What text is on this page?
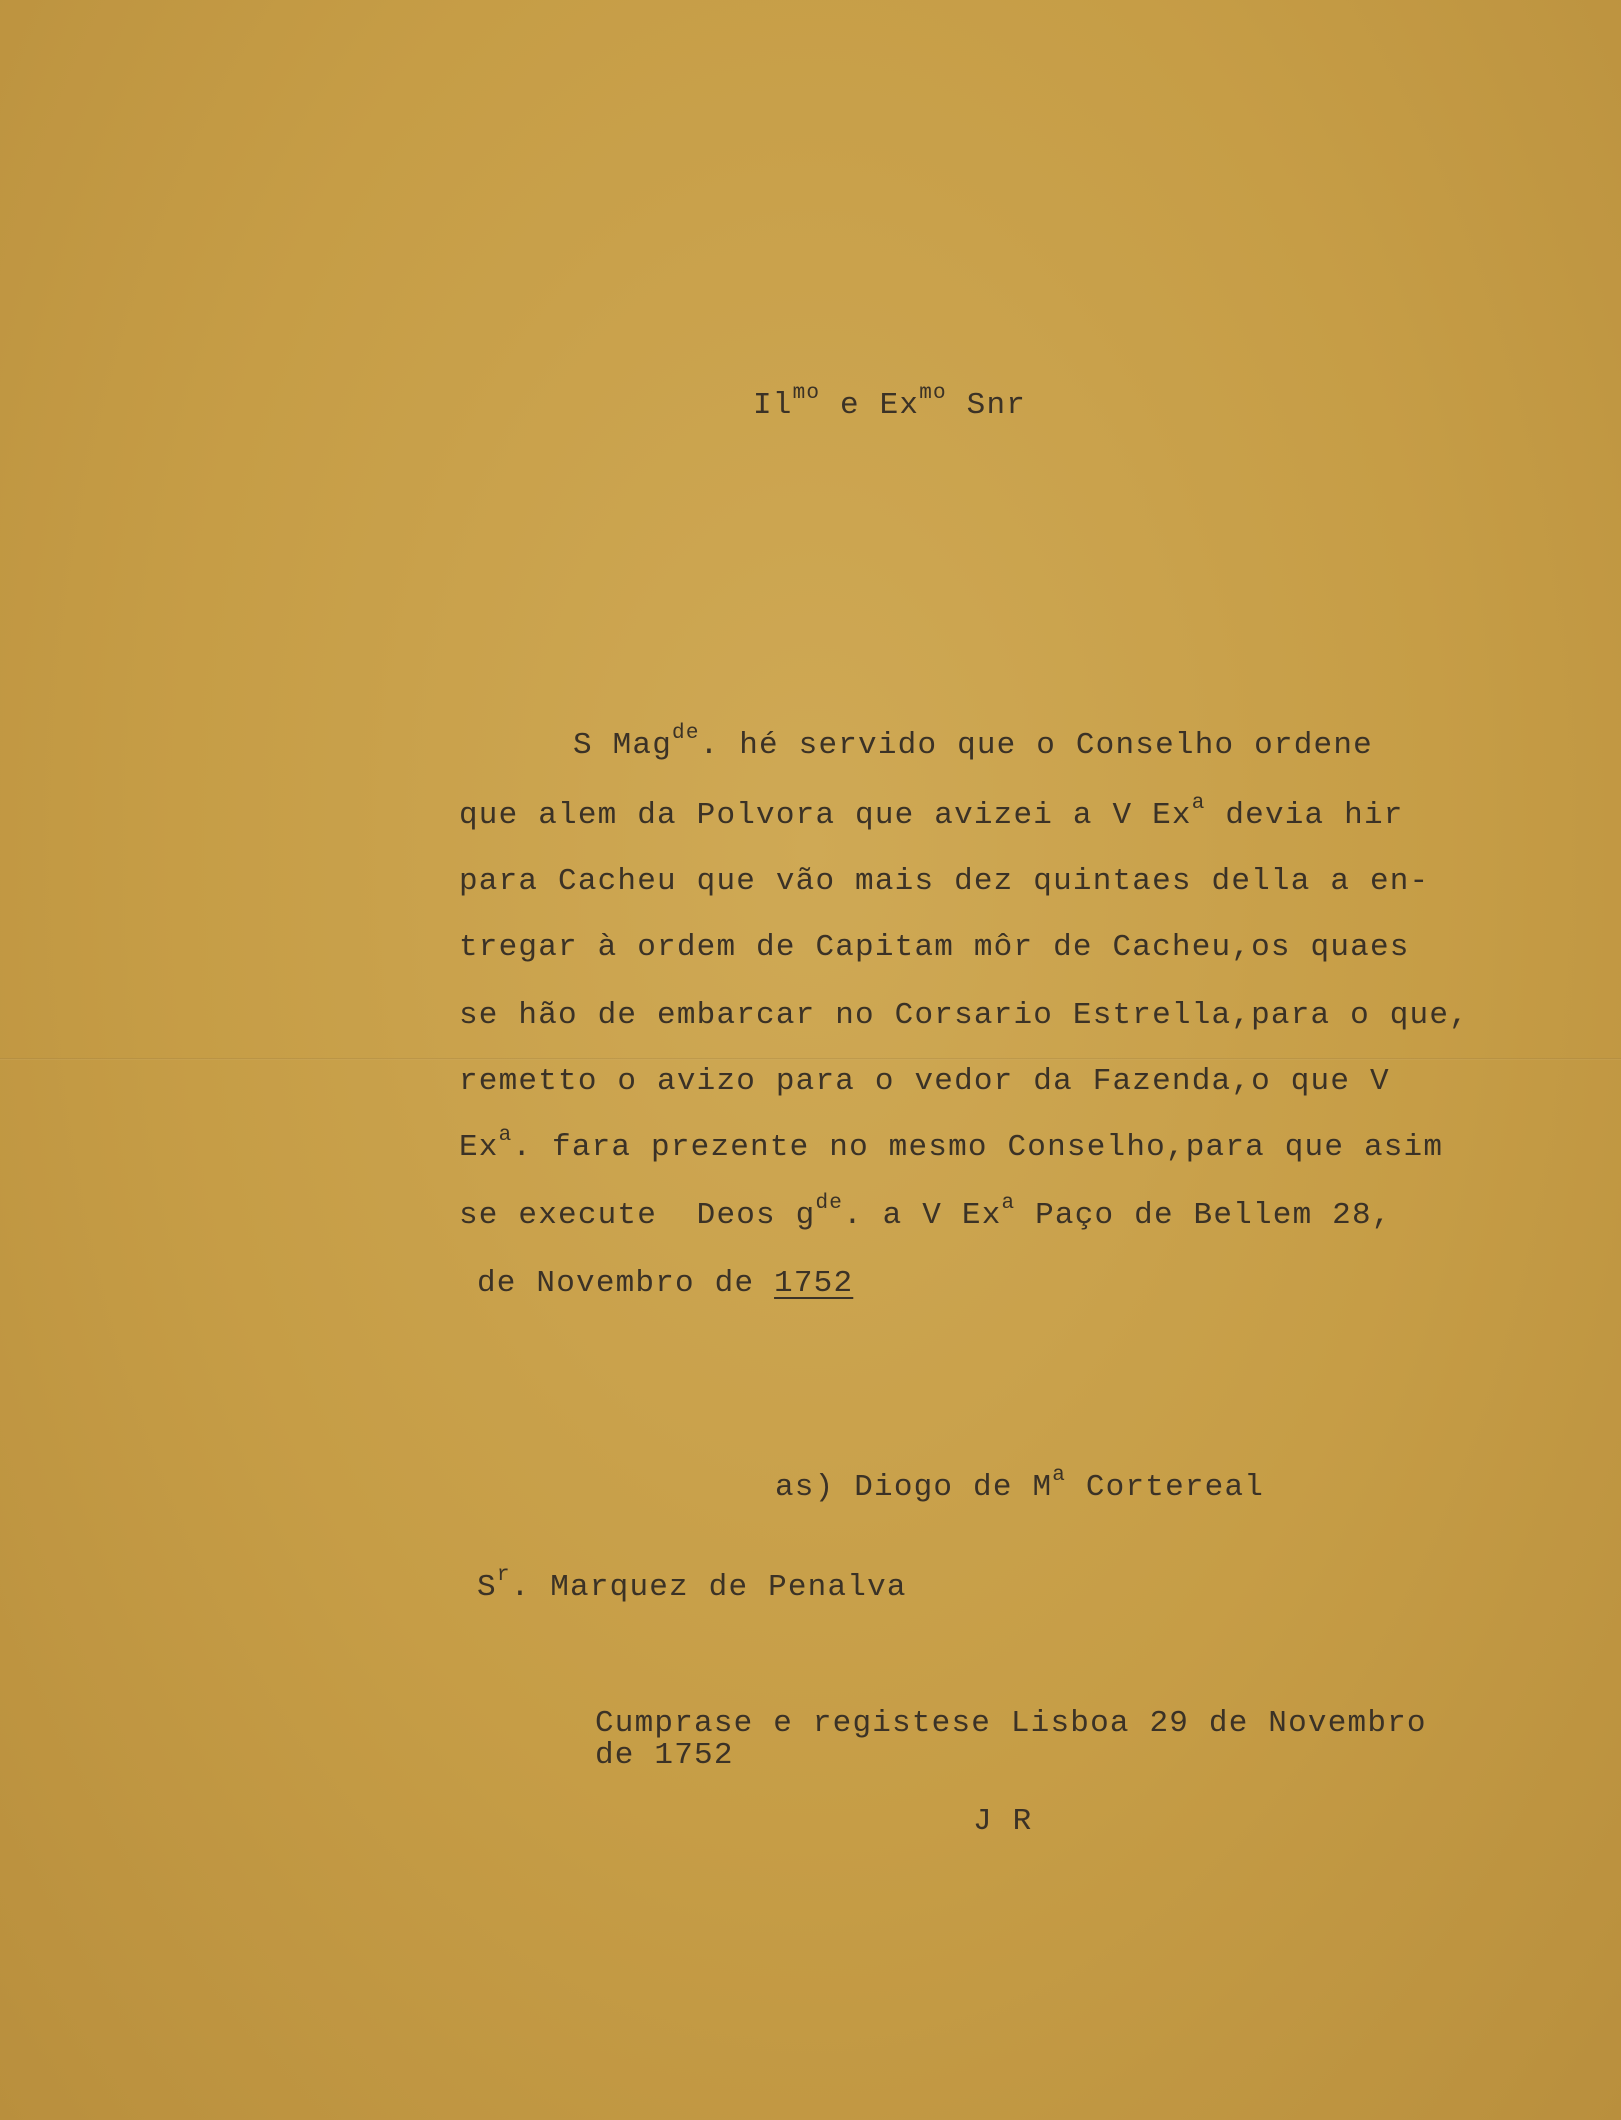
$Il^{mo}$ e $Ex^{mo}$ Snr
S Mag$^{de}$. hé servido que o Conselho ordene
que alem da Polvora que avizei a V Ex$^a$ devia hir
para Cacheu que vão mais dez quintaes della a en-
tregar à ordem de Capitam môr de Cacheu,os quaes
se hão de embarcar no Corsario Estrella,para o que,
remetto o avizo para o vedor da Fazenda,o que V
Ex$^a$. fara prezente no mesmo Conselho,para que asim
se execute  Deos $g^{de}$. a V Ex$^a$ Paço de Bellem 28,
de Novembro de 1752
as) Diogo de $M^a$ Cortereal
$S^r$. Marquez de Penalva
Cumprase e registese Lisboa 29 de Novembro
de 1752
J R
